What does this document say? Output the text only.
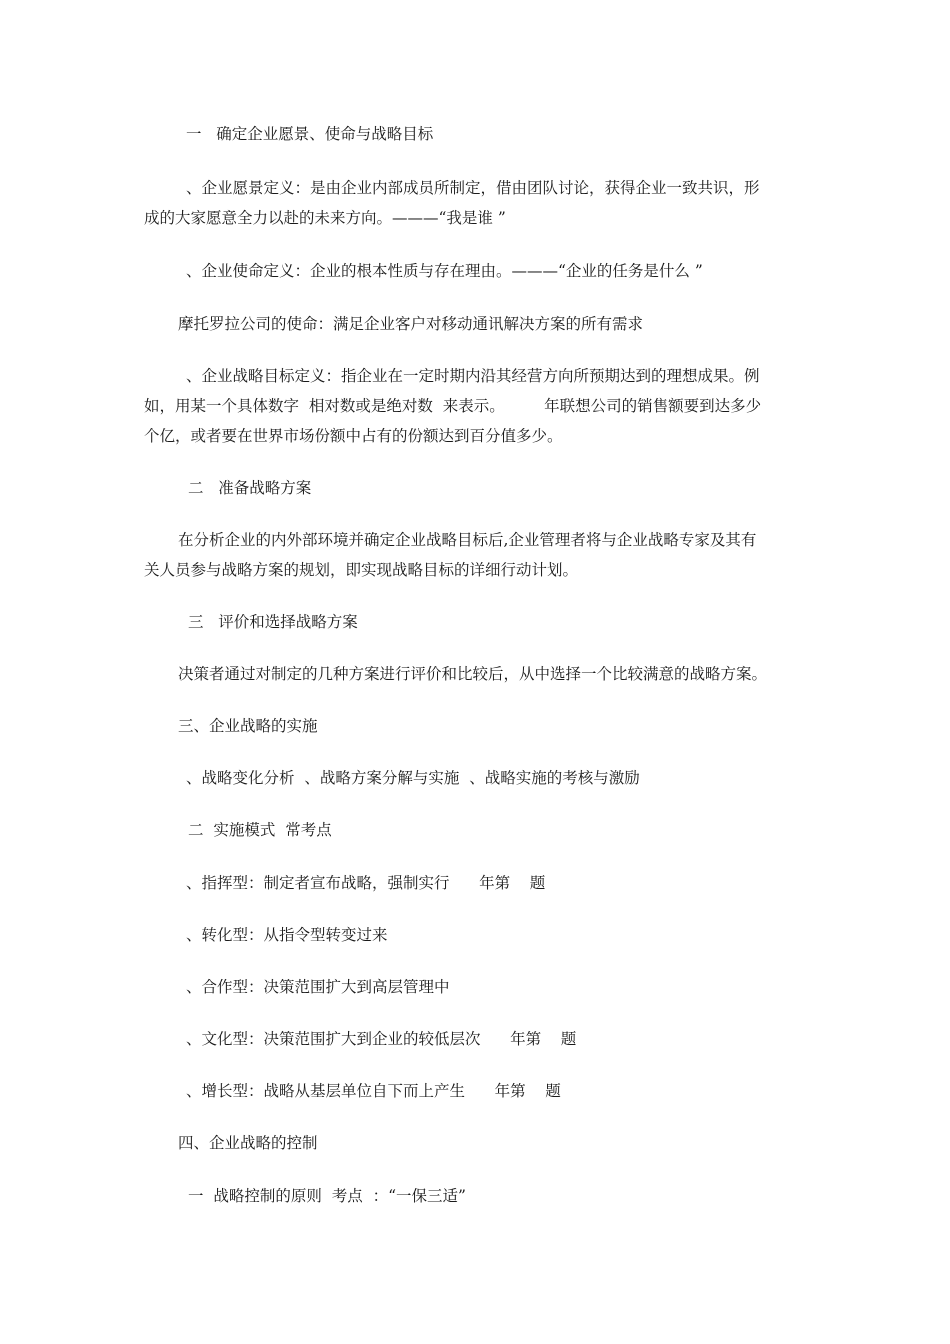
一   确定企业愿景、使命与战略目标

、企业愿景定义：是由企业内部成员所制定，借由团队讨论，获得企业一致共识，形

成的大家愿意全力以赴的未来方向。———“我是谁 ”

、企业使命定义：企业的根本性质与存在理由。———“企业的任务是什么 ”

摩托罗拉公司的使命：满足企业客户对移动通讯解决方案的所有需求

、企业战略目标定义：指企业在一定时期内沿其经营方向所预期达到的理想成果。例

如，用某一个具体数字  相对数或是绝对数  来表示。        年联想公司的销售额要到达多少

个亿，或者要在世界市场份额中占有的份额达到百分值多少。

二   准备战略方案

在分析企业的内外部环境并确定企业战略目标后,企业管理者将与企业战略专家及其有

关人员参与战略方案的规划，即实现战略目标的详细行动计划。

三   评价和选择战略方案

决策者通过对制定的几种方案进行评价和比较后，从中选择一个比较满意的战略方案。

三、企业战略的实施

、战略变化分析  、战略方案分解与实施  、战略实施的考核与激励

二  实施模式  常考点

、指挥型：制定者宣布战略，强制实行      年第    题

、转化型：从指令型转变过来

、合作型：决策范围扩大到高层管理中

、文化型：决策范围扩大到企业的较低层次      年第    题

、增长型：战略从基层单位自下而上产生      年第    题

四、企业战略的控制

一  战略控制的原则  考点  ：“一保三适”
